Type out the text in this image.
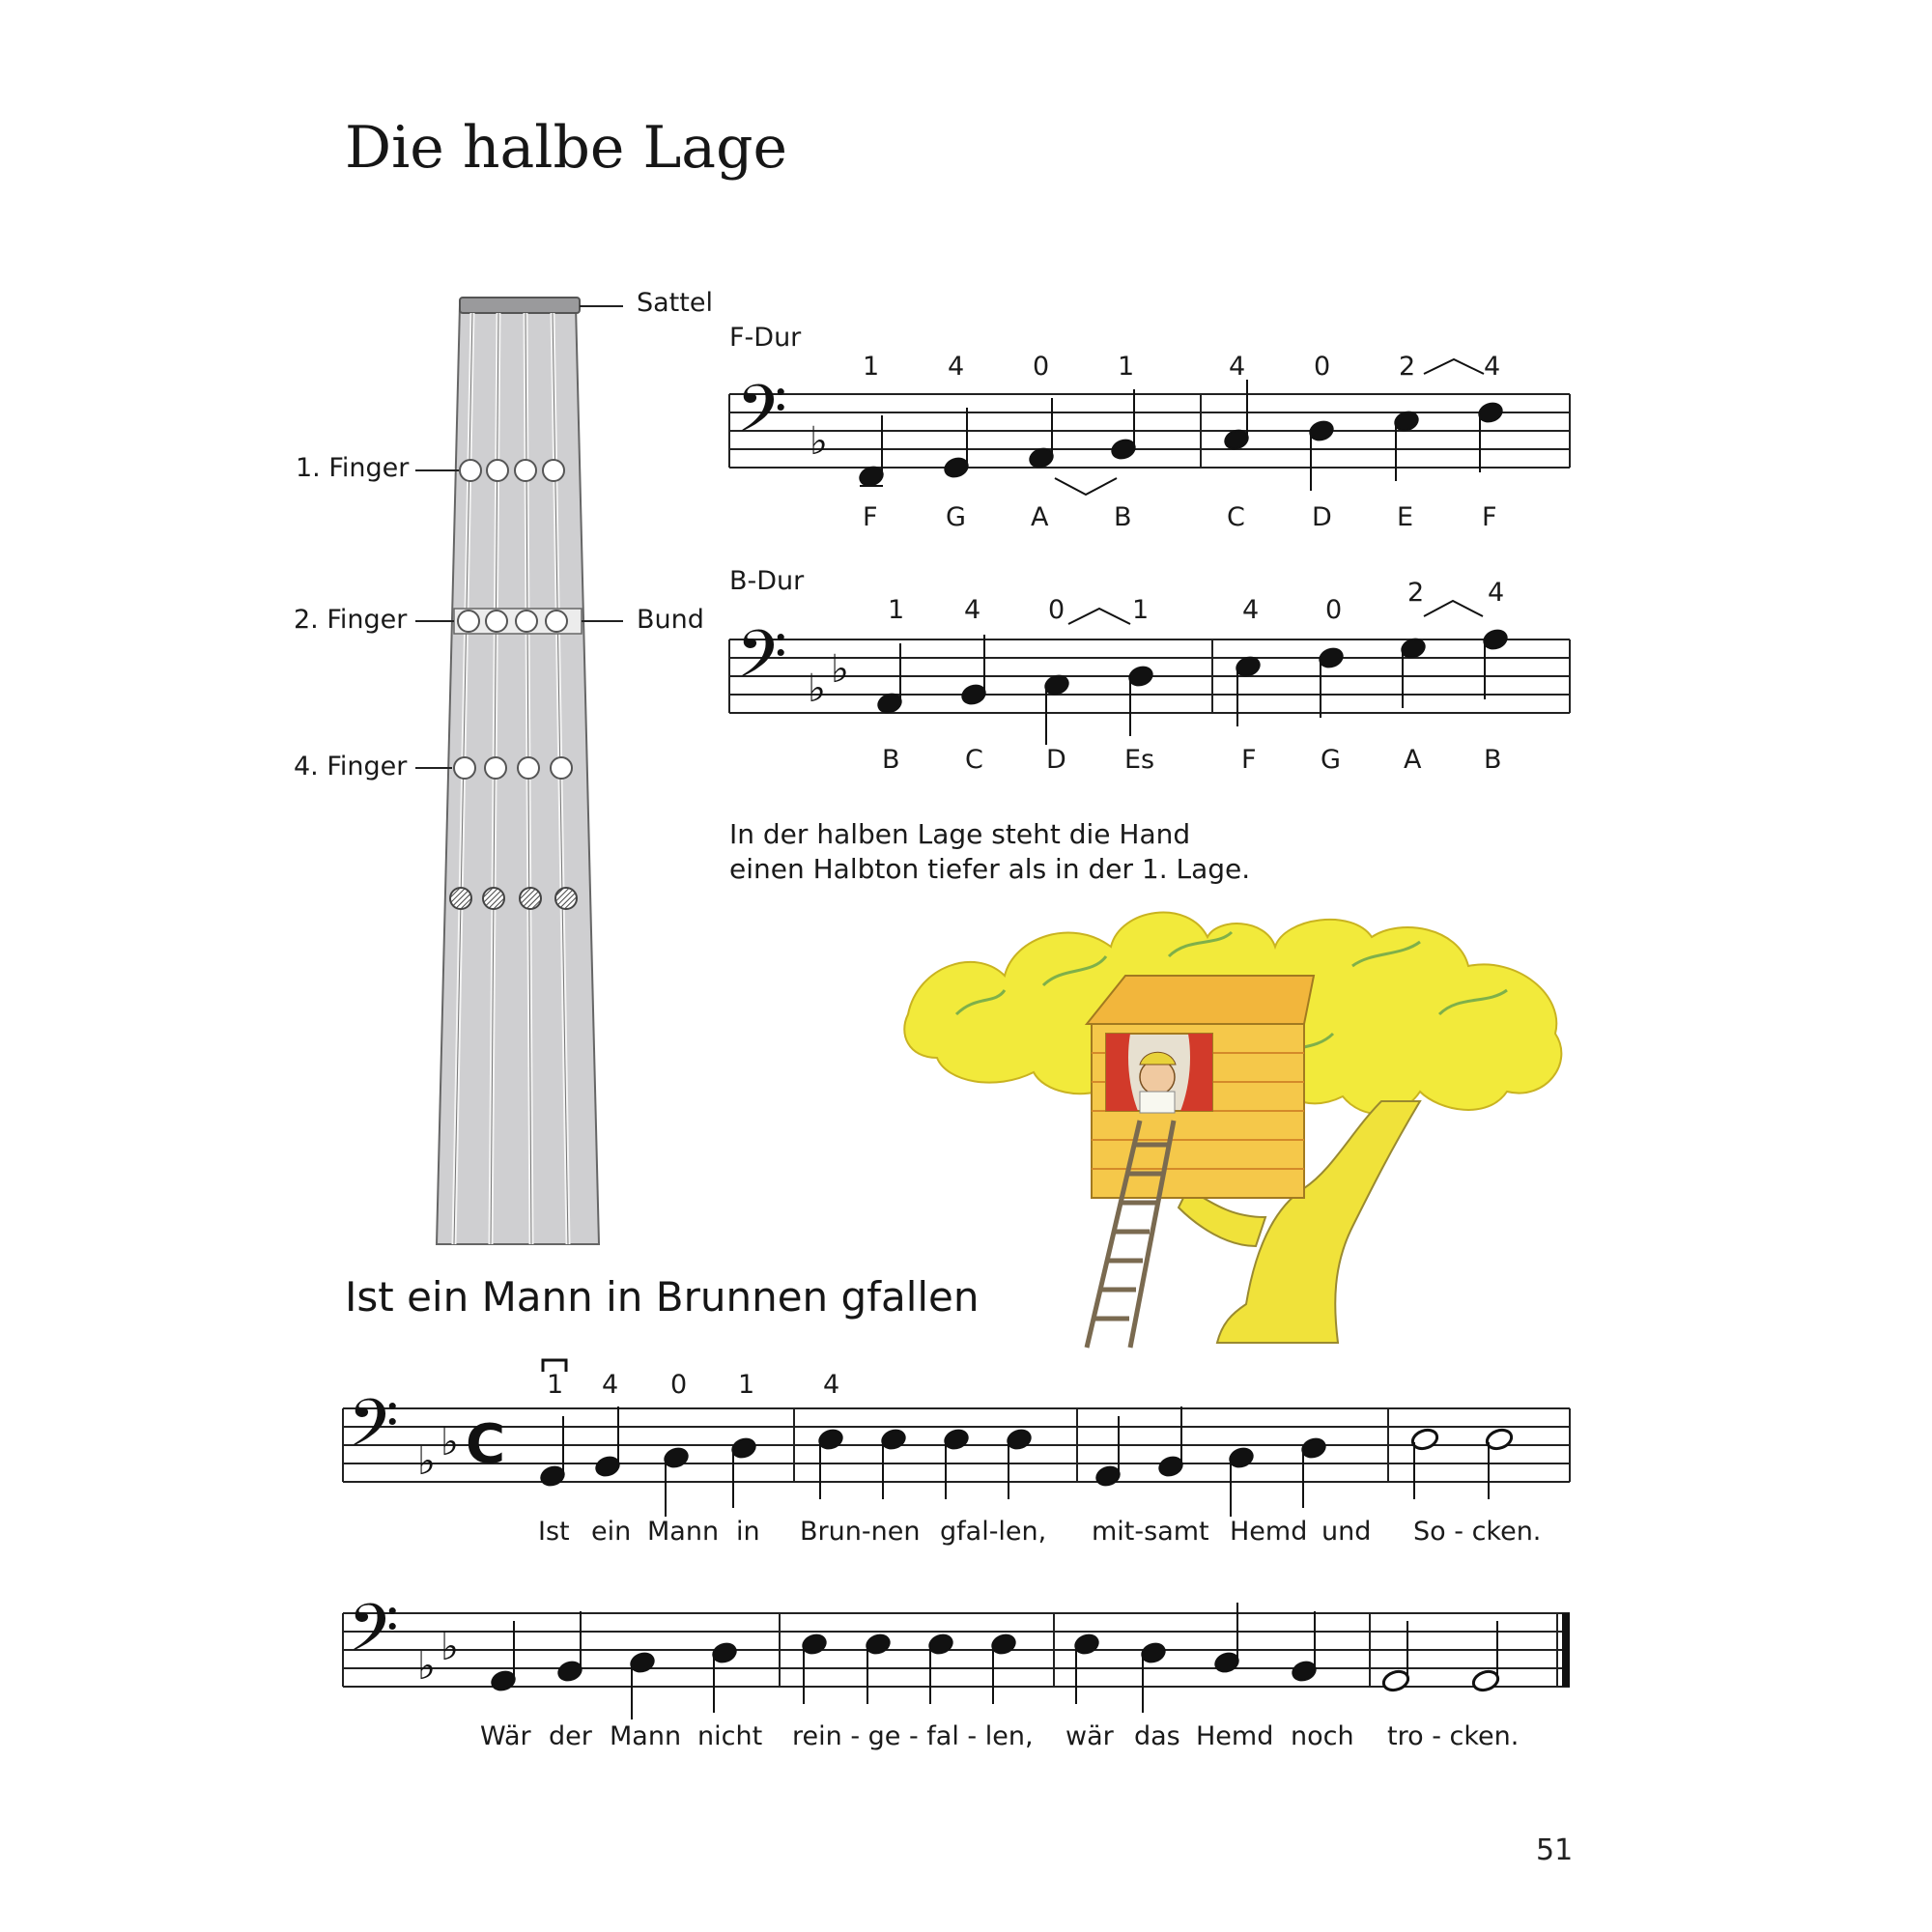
Die halbe Lage
Sattel
Bund
1. Finger
2. Finger
4. Finger
F-Dur
B-Dur
𝄢 ♭
1	4	0	1	4	0	2	4
F	G A	B	C	D E	F
𝄢 ♭ ♭
1 4	0	1	4	0
2 4
B C D Es	F G A B
In der halben Lage steht die Hand
einen Halbton tiefer als in der 1. Lage.
Ist ein Mann in Brunnen gfallen
𝄢 ♭ ♭ C
1 4 0 1	4
Ist ein Mann in Brun-nen gfal-len, mit-samt Hemd und So - cken.
𝄢 ♭ ♭
Wär der Mann nicht rein - ge - fal - len, wär das Hemd noch tro - cken.
51
